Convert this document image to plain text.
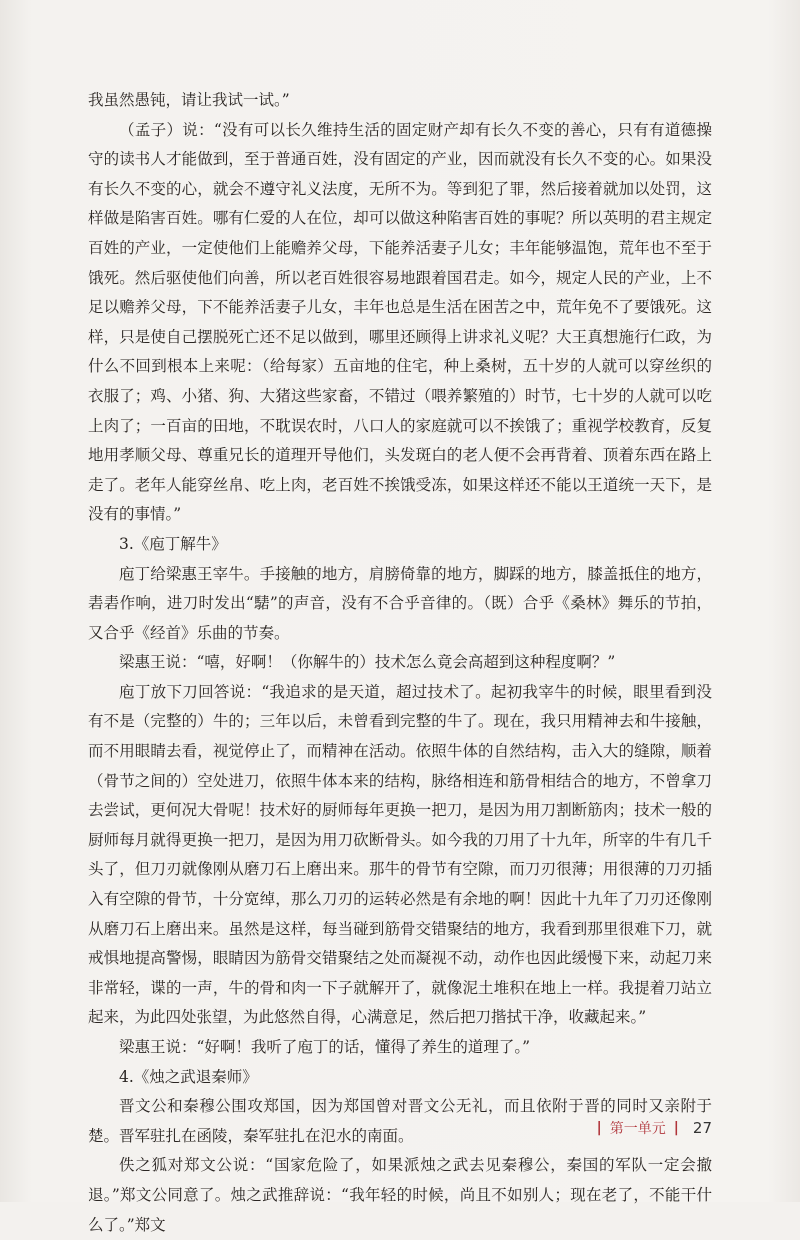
我虽然愚钝，请让我试一试。”

（孟子）说：“没有可以长久维持生活的固定财产却有长久不变的善心，只有有道德操守的读书人才能做到，至于普通百姓，没有固定的产业，因而就没有长久不变的心。如果没有长久不变的心，就会不遵守礼义法度，无所不为。等到犯了罪，然后接着就加以处罚，这样做是陷害百姓。哪有仁爱的人在位，却可以做这种陷害百姓的事呢？所以英明的君主规定百姓的产业，一定使他们上能赡养父母，下能养活妻子儿女；丰年能够温饱，荒年也不至于饿死。然后驱使他们向善，所以老百姓很容易地跟着国君走。如今，规定人民的产业，上不足以赡养父母，下不能养活妻子儿女，丰年也总是生活在困苦之中，荒年免不了要饿死。这样，只是使自己摆脱死亡还不足以做到，哪里还顾得上讲求礼义呢？大王真想施行仁政，为什么不回到根本上来呢：（给每家）五亩地的住宅，种上桑树，五十岁的人就可以穿丝织的衣服了；鸡、小猪、狗、大猪这些家畜，不错过（喂养繁殖的）时节，七十岁的人就可以吃上肉了；一百亩的田地，不耽误农时，八口人的家庭就可以不挨饿了；重视学校教育，反复地用孝顺父母、尊重兄长的道理开导他们，头发斑白的老人便不会再背着、顶着东西在路上走了。老年人能穿丝帛、吃上肉，老百姓不挨饿受冻，如果这样还不能以王道统一天下，是没有的事情。”

3.《庖丁解牛》

庖丁给梁惠王宰牛。手接触的地方，肩膀倚靠的地方，脚踩的地方，膝盖抵住的地方，砉砉作响，进刀时发出“騞”的声音，没有不合乎音律的。（既）合乎《桑林》舞乐的节拍，又合乎《经首》乐曲的节奏。

梁惠王说：“嘻，好啊！（你解牛的）技术怎么竟会高超到这种程度啊？”

庖丁放下刀回答说：“我追求的是天道，超过技术了。起初我宰牛的时候，眼里看到没有不是（完整的）牛的；三年以后，未曾看到完整的牛了。现在，我只用精神去和牛接触，而不用眼睛去看，视觉停止了，而精神在活动。依照牛体的自然结构，击入大的缝隙，顺着（骨节之间的）空处进刀，依照牛体本来的结构，脉络相连和筋骨相结合的地方，不曾拿刀去尝试，更何况大骨呢！技术好的厨师每年更换一把刀，是因为用刀割断筋肉；技术一般的厨师每月就得更换一把刀，是因为用刀砍断骨头。如今我的刀用了十九年，所宰的牛有几千头了，但刀刃就像刚从磨刀石上磨出来。那牛的骨节有空隙，而刀刃很薄；用很薄的刀刃插入有空隙的骨节，十分宽绰，那么刀刃的运转必然是有余地的啊！因此十九年了刀刃还像刚从磨刀石上磨出来。虽然是这样，每当碰到筋骨交错聚结的地方，我看到那里很难下刀，就戒惧地提高警惕，眼睛因为筋骨交错聚结之处而凝视不动，动作也因此缓慢下来，动起刀来非常轻，谍的一声，牛的骨和肉一下子就解开了，就像泥土堆积在地上一样。我提着刀站立起来，为此四处张望，为此悠然自得，心满意足，然后把刀揩拭干净，收藏起来。”

梁惠王说：“好啊！我听了庖丁的话，懂得了养生的道理了。”

4.《烛之武退秦师》

晋文公和秦穆公围攻郑国，因为郑国曾对晋文公无礼，而且依附于晋的同时又亲附于楚。晋军驻扎在函陵，秦军驻扎在氾水的南面。

佚之狐对郑文公说：“国家危险了，如果派烛之武去见秦穆公，秦国的军队一定会撤退。”郑文公同意了。烛之武推辞说：“我年轻的时候，尚且不如别人；现在老了，不能干什么了。”郑文

| 第一单元 | 27
